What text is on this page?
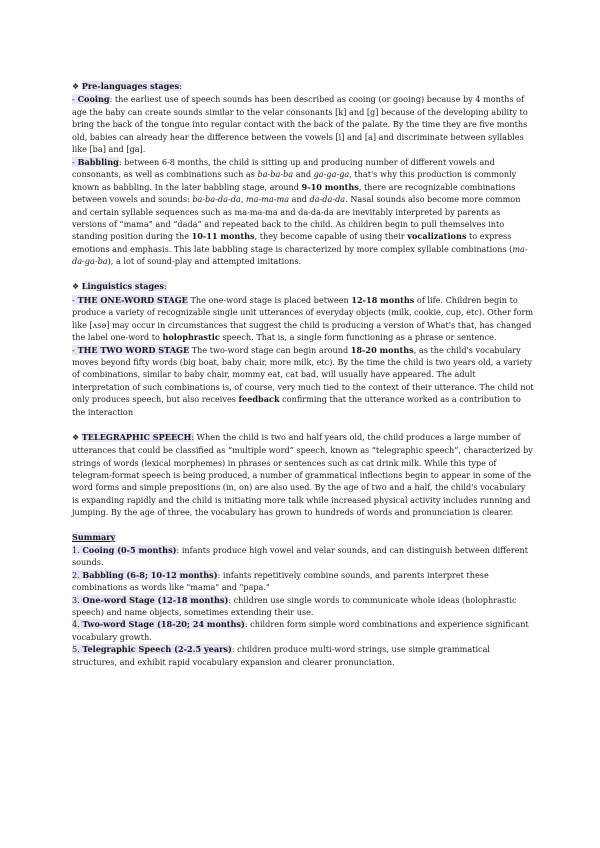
❖ Pre-languages stages:

- Cooing: the earliest use of speech sounds has been described as cooing (or gooing) because by 4 months of age the baby can create sounds similar to the velar consonants [k] and [g] because of the developing ability to bring the back of the tongue into regular contact with the back of the palate. By the time they are five months old, babies can already hear the difference between the vowels [i] and [a] and discriminate between syllables like [ba] and [ga].

- Babbling: between 6-8 months, the child is sitting up and producing number of different vowels and consonants, as well as combinations such as ba-ba-ba and ga-ga-ga, that's why this production is commonly known as babbling. In the later babbling stage, around 9-10 months, there are recognizable combinations between vowels and sounds: ba-ba-da-da, ma-ma-ma and da-da-da. Nasal sounds also become more common and certain syllable sequences such as ma-ma-ma and da-da-da are inevitably interpreted by parents as versions of “mama” and “dada” and repeated back to the child. As children begin to pull themselves into standing position during the 10-11 months, they become capable of using their vocalizations to express emotions and emphasis. This late babbling stage is characterized by more complex syllable combinations (ma-da-ga-ba), a lot of sound-play and attempted imitations.

❖ Linguistics stages:

- THE ONE-WORD STAGE The one-word stage is placed between 12-18 months of life. Children begin to produce a variety of recognizable single unit utterances of everyday objects (milk, cookie, cup, etc). Other form like [ʌsə] may occur in circumstances that suggest the child is producing a version of What's that, has changed the label one-word to holophrastic speech. That is, a single form functioning as a phrase or sentence.

- THE TWO WORD STAGE The two-word stage can begin around 18-20 months, as the child's vocabulary moves beyond fifty words (big boat, baby chair, more milk, etc). By the time the child is two years old, a variety of combinations, similar to baby chair, mommy eat, cat bad, will usually have appeared. The adult interpretation of such combinations is, of course, very much tied to the context of their utterance. The child not only produces speech, but also receives feedback confirming that the utterance worked as a contribution to the interaction

❖ TELEGRAPHIC SPEECH: When the child is two and half years old, the child produces a large number of utterances that could be classified as “multiple word” speech, known as “telegraphic speech”, characterized by strings of words (lexical morphemes) in phrases or sentences such as cat drink milk. While this type of telegram-format speech is being produced, a number of grammatical inflections begin to appear in some of the word forms and simple prepositions (in, on) are also used. By the age of two and a half, the child's vocabulary is expanding rapidly and the child is initiating more talk while increased physical activity includes running and jumping. By the age of three, the vocabulary has grown to hundreds of words and pronunciation is clearer.

Summary

1. Cooing (0-5 months): infants produce high vowel and velar sounds, and can distinguish between different sounds.

2. Babbling (6-8; 10-12 months): infants repetitively combine sounds, and parents interpret these combinations as words like "mama" and "papa."

3. One-word Stage (12-18 months): children use single words to communicate whole ideas (holophrastic speech) and name objects, sometimes extending their use.

4. Two-word Stage (18-20; 24 months): children form simple word combinations and experience significant vocabulary growth.

5. Telegraphic Speech (2-2.5 years): children produce multi-word strings, use simple grammatical structures, and exhibit rapid vocabulary expansion and clearer pronunciation.
